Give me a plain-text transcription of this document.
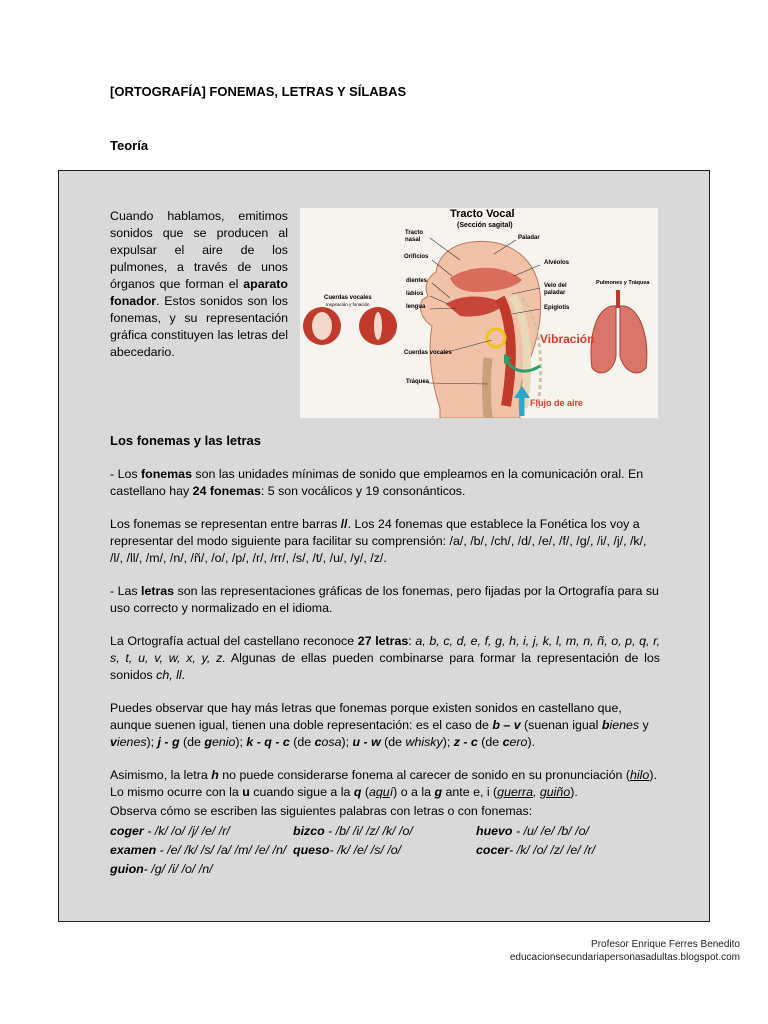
[ORTOGRAFÍA] FONEMAS, LETRAS Y SÍLABAS
Teoría
Cuando hablamos, emitimos sonidos que se producen al expulsar el aire de los pulmones, a través de unos órganos que forman el aparato fonador. Estos sonidos son los fonemas, y su representación gráfica constituyen las letras del abecedario.
Tracto Vocal
(Sección sagital)
Tracto nasal
Orificios
dientes
labios
lengua
Paladar
Alvéolos
Velo del paladar
Epiglotis
Cuerdas vocales
Inspiración y fonación
Cuerdas vocales
Tráquea
Pulmones y Tráquea
Vibración
Flujo de aire
Los fonemas y las letras

- Los fonemas son las unidades mínimas de sonido que empleamos en la comunicación oral. En castellano hay 24 fonemas: 5 son vocálicos y 19 consonánticos.

Los fonemas se representan entre barras //. Los 24 fonemas que establece la Fonética los voy a representar del modo siguiente para facilitar su comprensión: /a/, /b/, /ch/, /d/, /e/, /f/, /g/, /i/, /j/, /k/, /l/, /ll/, /m/, /n/, /ñ/, /o/, /p/, /r/, /rr/, /s/, /t/, /u/, /y/, /z/.

- Las letras son las representaciones gráficas de los fonemas, pero fijadas por la Ortografía para su uso correcto y normalizado en el idioma.

La Ortografía actual del castellano reconoce 27 letras: a, b, c, d, e, f, g, h, i, j, k, l, m, n, ñ, o, p, q, r, s, t, u, v, w, x, y, z. Algunas de ellas pueden combinarse para formar la representación de los sonidos ch, ll.

Puedes observar que hay más letras que fonemas porque existen sonidos en castellano que, aunque suenen igual, tienen una doble representación: es el caso de b – v (suenan igual bienes y vienes); j - g (de genio); k - q - c (de cosa); u - w (de whisky); z - c (de cero).

Asimismo, la letra h no puede considerarse fonema al carecer de sonido en su pronunciación (hilo). Lo mismo ocurre con la u cuando sigue a la q (aquí) o a la g ante e, i (guerra, guiño).

Observa cómo se escriben las siguientes palabras con letras o con fonemas:

coger - /k/ /o/ /j/ /e/ /r/	bizco - /b/ /i/ /z/ /k/ /o/	huevo - /u/ /e/ /b/ /o/
examen - /e/ /k/ /s/ /a/ /m/ /e/ /n/ queso- /k/ /e/ /s/ /o/	cocer- /k/ /o/ /z/ /e/ /r/
guion- /g/ /i/ /o/ /n/
Profesor Enrique Ferres Benedito
educacionsecundariapersonasadultas.blogspot.com
